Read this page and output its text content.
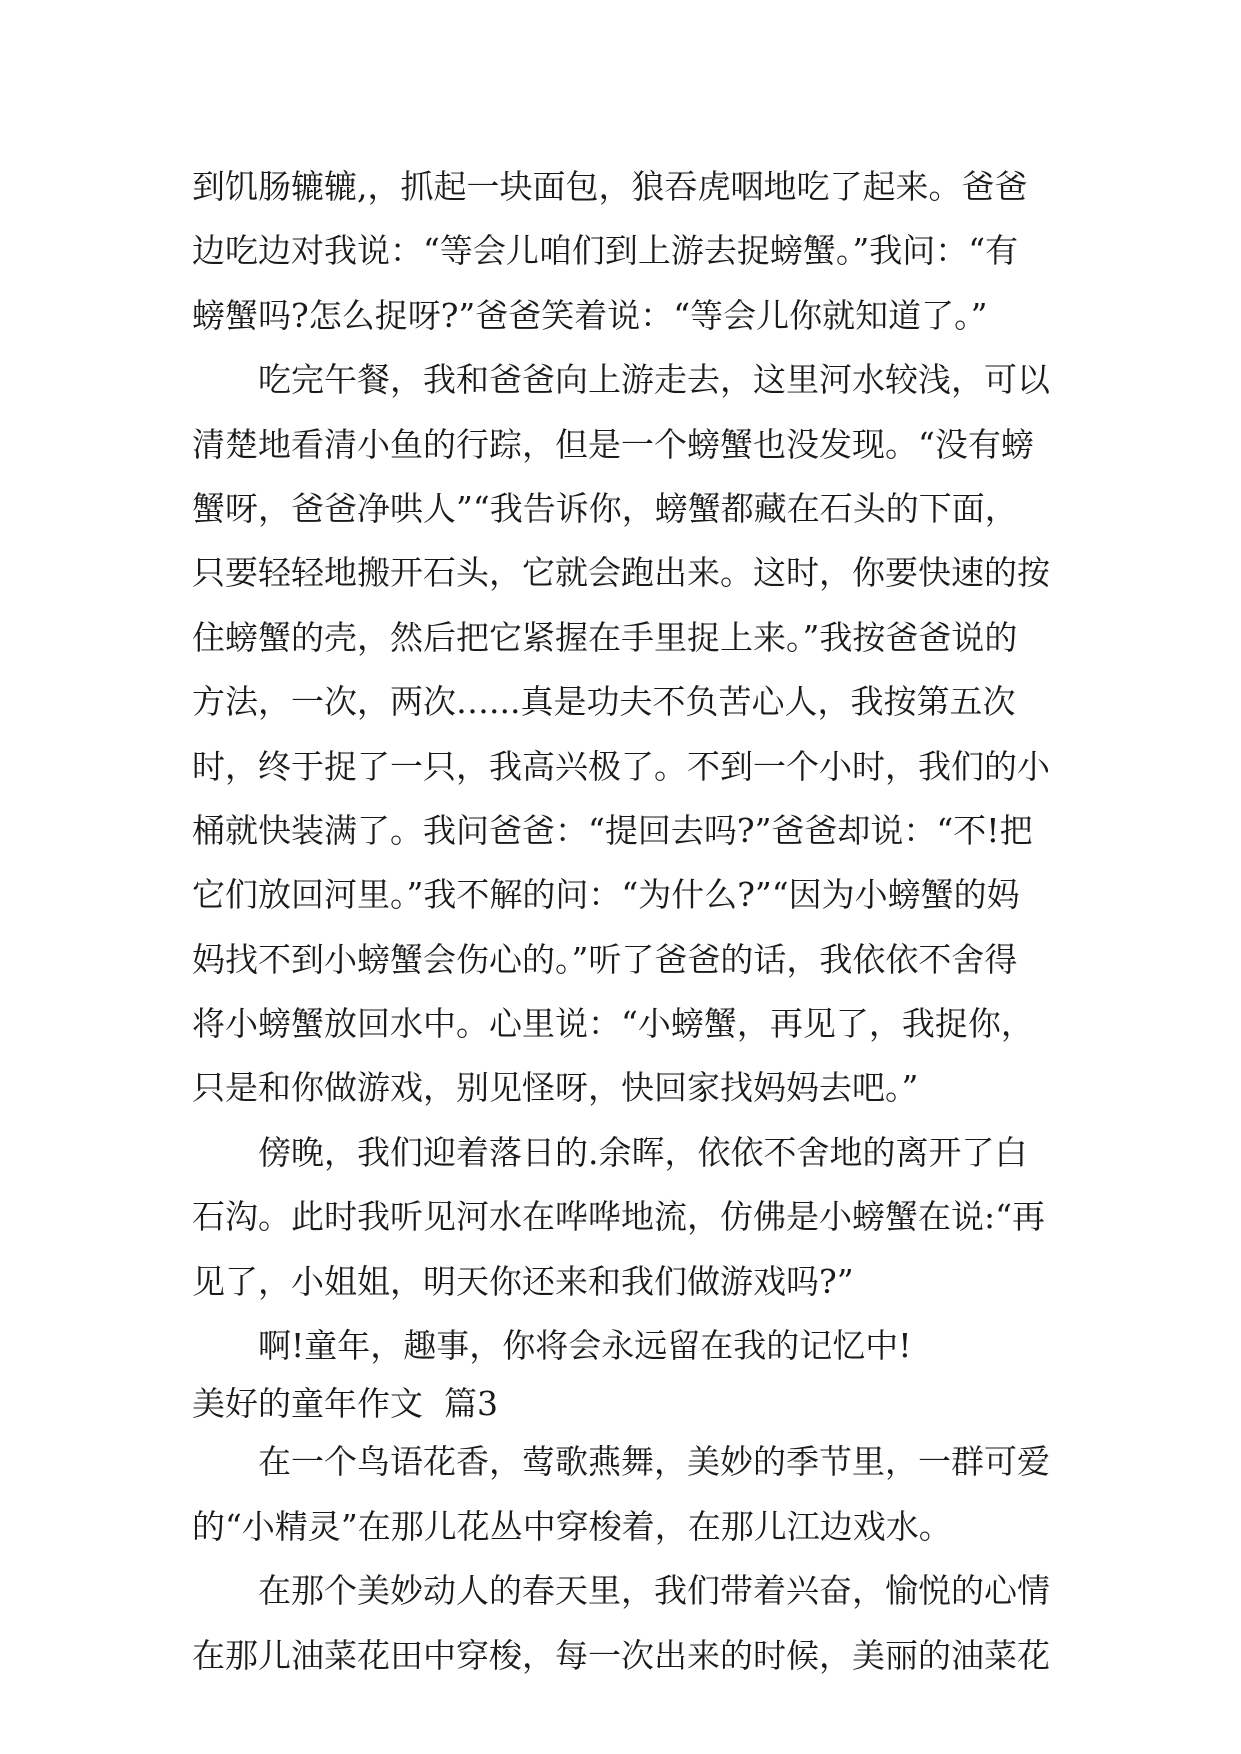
到饥肠辘辘,，抓起一块面包，狼吞虎咽地吃了起来。爸爸
边吃边对我说：“等会儿咱们到上游去捉螃蟹。”我问：“有
螃蟹吗?怎么捉呀?”爸爸笑着说：“等会儿你就知道了。”
吃完午餐，我和爸爸向上游走去，这里河水较浅，可以
清楚地看清小鱼的行踪，但是一个螃蟹也没发现。“没有螃
蟹呀，爸爸净哄人”“我告诉你，螃蟹都藏在石头的下面，
只要轻轻地搬开石头，它就会跑出来。这时，你要快速的按
住螃蟹的壳，然后把它紧握在手里捉上来。”我按爸爸说的
方法，一次，两次…...真是功夫不负苦心人，我按第五次
时，终于捉了一只，我高兴极了。不到一个小时，我们的小
桶就快装满了。我问爸爸：“提回去吗?”爸爸却说：“不!把
它们放回河里。”我不解的问：“为什么?”“因为小螃蟹的妈
妈找不到小螃蟹会伤心的。”听了爸爸的话，我依依不舍得
将小螃蟹放回水中。心里说：“小螃蟹，再见了，我捉你，
只是和你做游戏，别见怪呀，快回家找妈妈去吧。”
傍晚，我们迎着落日的.余晖，依依不舍地的离开了白
石沟。此时我听见河水在哗哗地流，仿佛是小螃蟹在说:“再
见了，小姐姐，明天你还来和我们做游戏吗?”
啊!童年，趣事，你将会永远留在我的记忆中!
美好的童年作文  篇3
在一个鸟语花香，莺歌燕舞，美妙的季节里，一群可爱
的“小精灵”在那儿花丛中穿梭着，在那儿江边戏水。
在那个美妙动人的春天里，我们带着兴奋，愉悦的心情
在那儿油菜花田中穿梭，每一次出来的时候，美丽的油菜花
